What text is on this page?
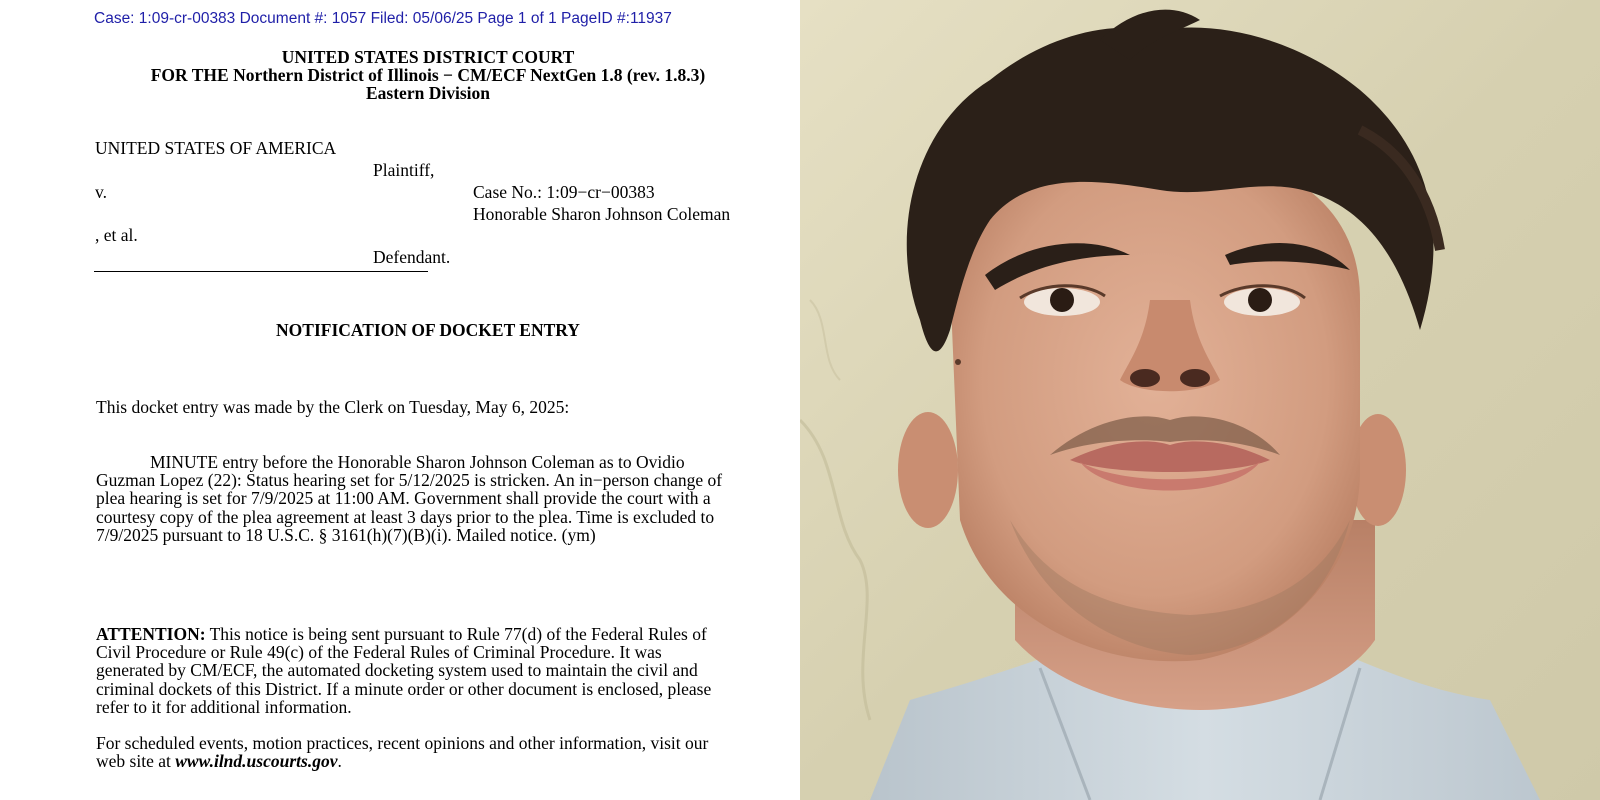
Case: 1:09-cr-00383 Document #: 1057 Filed: 05/06/25 Page 1 of 1 PageID #:11937
UNITED STATES DISTRICT COURT
FOR THE Northern District of Illinois − CM/ECF NextGen 1.8 (rev. 1.8.3)
Eastern Division
UNITED STATES OF AMERICA
Plaintiff,
v.	Case No.: 1:09−cr−00383
Honorable Sharon Johnson Coleman
, et al.
Defendant.
NOTIFICATION OF DOCKET ENTRY
This docket entry was made by the Clerk on Tuesday, May 6, 2025:
MINUTE entry before the Honorable Sharon Johnson Coleman as to Ovidio
Guzman Lopez (22): Status hearing set for 5/12/2025 is stricken. An in−person change of
plea hearing is set for 7/9/2025 at 11:00 AM. Government shall provide the court with a
courtesy copy of the plea agreement at least 3 days prior to the plea. Time is excluded to
7/9/2025 pursuant to 18 U.S.C. § 3161(h)(7)(B)(i). Mailed notice. (ym)
ATTENTION: This notice is being sent pursuant to Rule 77(d) of the Federal Rules of
Civil Procedure or Rule 49(c) of the Federal Rules of Criminal Procedure. It was
generated by CM/ECF, the automated docketing system used to maintain the civil and
criminal dockets of this District. If a minute order or other document is enclosed, please
refer to it for additional information.
For scheduled events, motion practices, recent opinions and other information, visit our
web site at www.ilnd.uscourts.gov.
